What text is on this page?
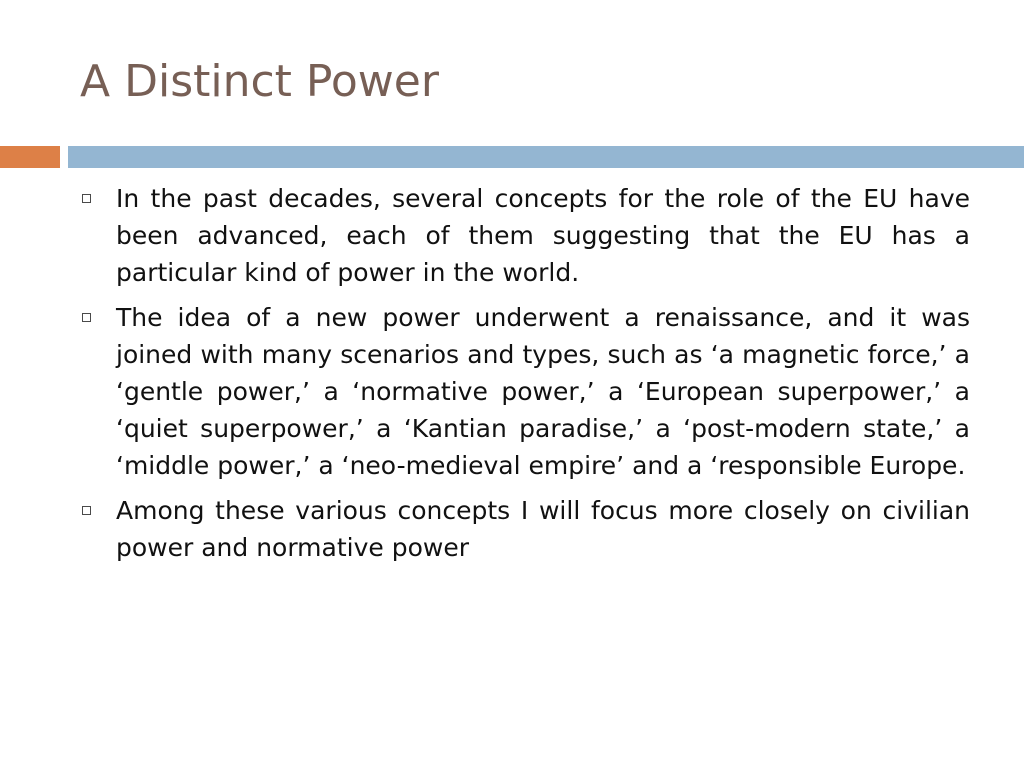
A Distinct Power
In the past decades, several concepts for the role of the EU have been advanced, each of them suggesting that the EU has a particular kind of power in the world.
The idea of a new power underwent a renaissance, and it was joined with many scenarios and types, such as ‘a magnetic force,’ a ‘gentle power,’ a ‘normative power,’ a ‘European superpower,’ a ‘quiet superpower,’ a ‘Kantian paradise,’ a ‘post-modern state,’ a ‘middle power,’ a ‘neo-medieval empire’ and a ‘responsible Europe.
Among these various concepts I will focus more closely on civilian power and normative power
